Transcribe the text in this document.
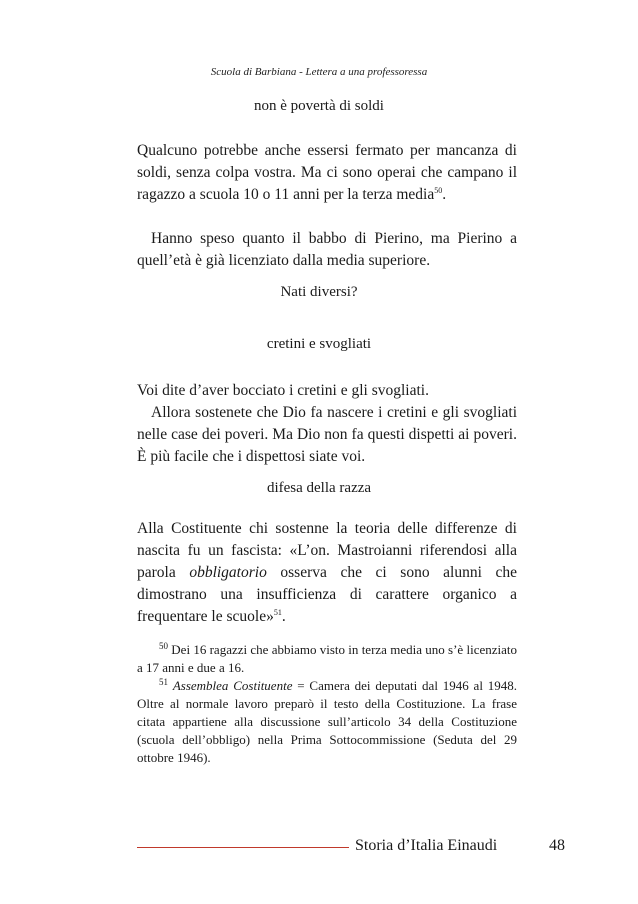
Scuola di Barbiana - Lettera a una professoressa
non è povertà di soldi
Qualcuno potrebbe anche essersi fermato per mancanza di soldi, senza colpa vostra. Ma ci sono operai che campano il ragazzo a scuola 10 o 11 anni per la terza media$^{50}$.
Hanno speso quanto il babbo di Pierino, ma Pierino a quell’età è già licenziato dalla media superiore.
Nati diversi?
cretini e svogliati
Voi dite d’aver bocciato i cretini e gli svogliati.
Allora sostenete che Dio fa nascere i cretini e gli svogliati nelle case dei poveri. Ma Dio non fa questi dispetti ai poveri. È più facile che i dispettosi siate voi.
difesa della razza
Alla Costituente chi sostenne la teoria delle differenze di nascita fu un fascista: «L’on. Mastroianni riferendosi alla parola obbligatorio osserva che ci sono alunni che dimostrano una insufficienza di carattere organico a frequentare le scuole»$^{51}$.
$^{50}$ Dei 16 ragazzi che abbiamo visto in terza media uno s’è licenziato a 17 anni e due a 16.
$^{51}$ Assemblea Costituente = Camera dei deputati dal 1946 al 1948. Oltre al normale lavoro preparò il testo della Costituzione. La frase citata appartiene alla discussione sull’articolo 34 della Costituzione (scuola dell’obbligo) nella Prima Sottocommissione (Seduta del 29 ottobre 1946).
Storia d’Italia Einaudi	48
